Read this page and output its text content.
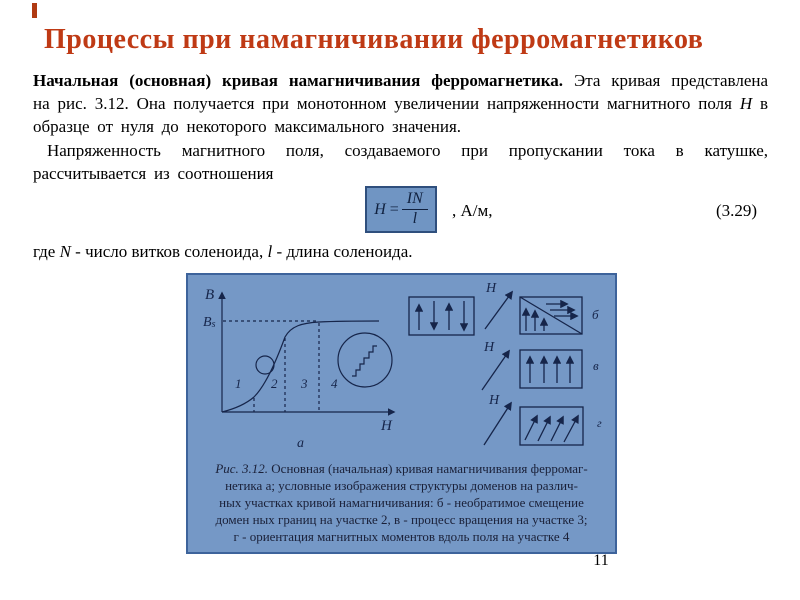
Процессы при намагничивании ферромагнетиков

Начальная (основная) кривая намагничивания ферромагнетика. Эта кривая представлена на рис. 3.12. Она получается при монотонном увеличении напряженности магнитного поля Н в образце от нуля до некоторого максимального значения.

Напряженность магнитного поля, создаваемого при пропускании тока в катушке, рассчитывается из соотношения

$H = \frac{IN}{l}$ , А/м,	(3.29)

где N - число витков соленоида, l - длина соленоида.

B
Bs
H
1 2 3 4
а
H
H
H
б
в
г
Рис. 3.12. Основная (начальная) кривая намагничивания ферромаг-
нетика а; условные изображения структуры доменов на различ-
ных участках кривой намагничивания: б - необратимое смещение
домен ных границ на участке 2, в - процесс вращения на участке 3;
г - ориентация магнитных моментов вдоль поля на участке 4
11
